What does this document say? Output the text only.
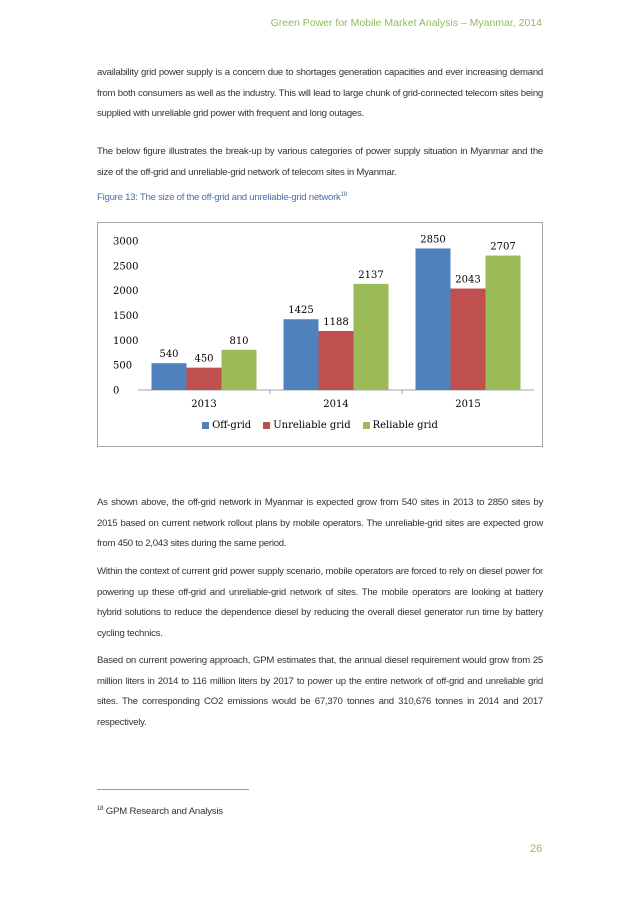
Green Power for Mobile Market Analysis – Myanmar, 2014

availability grid power supply is a concern due to shortages generation capacities and ever increasing demand from both consumers as well as the industry. This will lead to large chunk of grid-connected telecom sites being supplied with unreliable grid power with frequent and long outages.

The below figure illustrates the break-up by various categories of power supply situation in Myanmar and the size of the off-grid and unreliable-grid network of telecom sites in Myanmar.

Figure 13: The size of the off-grid and unreliable-grid network$^{18}$
0
500
1000
1500
2000
2500
3000
540 450
810
2013
1425
1188
2137
2014
2850
2043
2707
2015
Off-grid Unreliable grid Reliable grid

As shown above, the off-grid network in Myanmar is expected grow from 540 sites in 2013 to 2850 sites by 2015 based on current network rollout plans by mobile operators. The unreliable-grid sites are expected grow from 450 to 2,043 sites during the same period.

Within the context of current grid power supply scenario, mobile operators are forced to rely on diesel power for powering up these off-grid and unreliable-grid network of sites. The mobile operators are looking at battery hybrid solutions to reduce the dependence diesel by reducing the overall diesel generator run time by battery cycling technics.

Based on current powering approach, GPM estimates that, the annual diesel requirement would grow from 25 million liters in 2014 to 116 million liters by 2017 to power up the entire network of off-grid and unreliable grid sites. The corresponding CO2 emissions would be 67,370 tonnes and 310,676 tonnes in 2014 and 2017 respectively.

$^{18}$ GPM Research and Analysis
26
